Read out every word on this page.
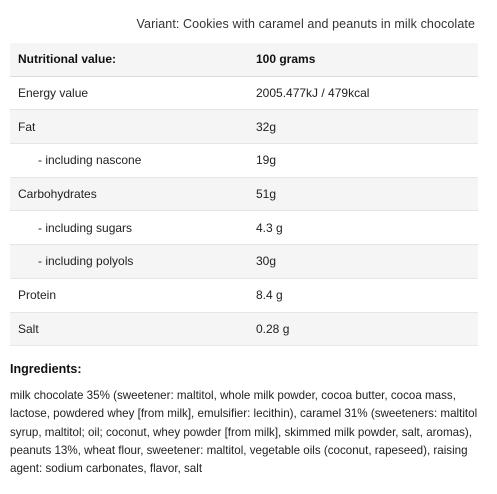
Variant: Cookies with caramel and peanuts in milk chocolate
Nutritional value:	100 grams
Energy value	2005.477kJ / 479kcal
Fat	32g
- including nascone	19g
Carbohydrates	51g
- including sugars	4.3 g
- including polyols	30g
Protein	8.4 g
Salt	0.28 g
Ingredients:
milk chocolate 35% (sweetener: maltitol, whole milk powder, cocoa butter, cocoa mass, lactose, powdered whey [from milk], emulsifier: lecithin), caramel 31% (sweeteners: maltitol syrup, maltitol; oil; coconut, whey powder [from milk], skimmed milk powder, salt, aromas), peanuts 13%, wheat flour, sweetener: maltitol, vegetable oils (coconut, rapeseed), raising agent: sodium carbonates, flavor, salt
